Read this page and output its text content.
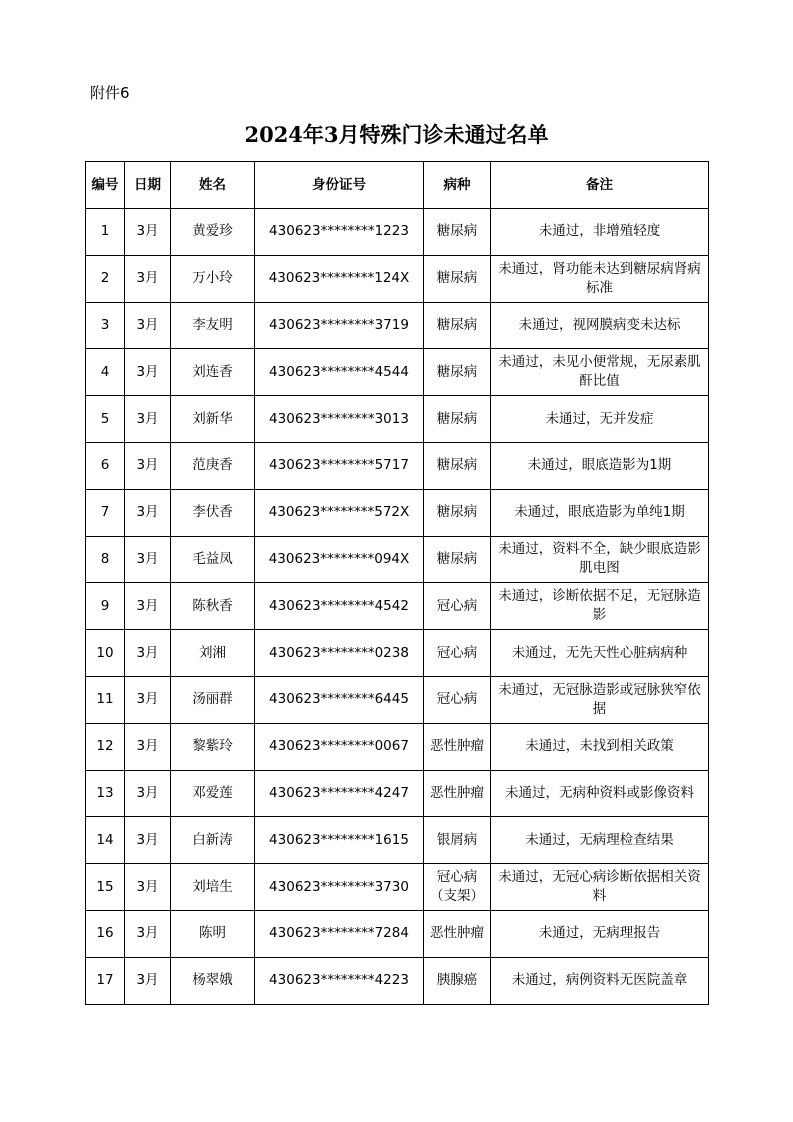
附件6
2024年3月特殊门诊未通过名单
编号	日期	姓名	身份证号	病种	备注
1	3月	黄爱珍	430623********1223	糖尿病	未通过，非增殖轻度
2	3月	万小玲	430623********124X	糖尿病	未通过，肾功能未达到糖尿病肾病标准
3	3月	李友明	430623********3719	糖尿病	未通过，视网膜病变未达标
4	3月	刘连香	430623********4544	糖尿病	未通过，未见小便常规，无尿素肌酐比值
5	3月	刘新华	430623********3013	糖尿病	未通过，无并发症
6	3月	范庚香	430623********5717	糖尿病	未通过，眼底造影为1期
7	3月	李伏香	430623********572X	糖尿病	未通过，眼底造影为单纯1期
8	3月	毛益凤	430623********094X	糖尿病	未通过，资料不全，缺少眼底造影肌电图
9	3月	陈秋香	430623********4542	冠心病	未通过，诊断依据不足，无冠脉造影
10	3月	刘湘	430623********0238	冠心病	未通过，无先天性心脏病病种
11	3月	汤丽群	430623********6445	冠心病	未通过，无冠脉造影或冠脉狭窄依据
12	3月	黎紫玲	430623********0067	恶性肿瘤	未通过，未找到相关政策
13	3月	邓爱莲	430623********4247	恶性肿瘤	未通过，无病种资料或影像资料
14	3月	白新涛	430623********1615	银屑病	未通过，无病理检查结果
15	3月	刘培生	430623********3730	冠心病（支架）	未通过，无冠心病诊断依据相关资料
16	3月	陈明	430623********7284	恶性肿瘤	未通过，无病理报告
17	3月	杨翠娥	430623********4223	胰腺癌	未通过，病例资料无医院盖章
